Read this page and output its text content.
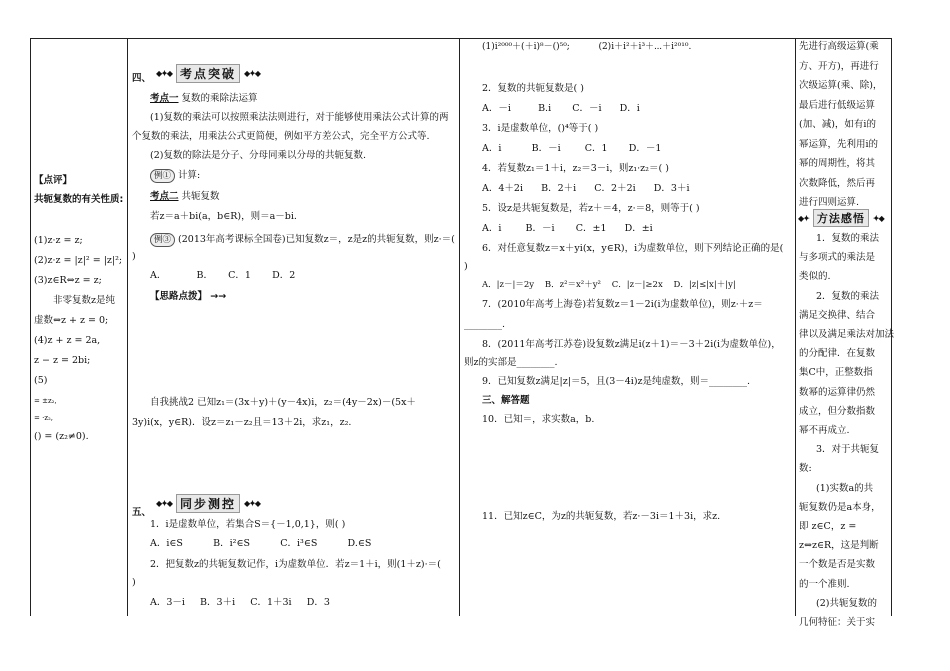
【点评】
共轭复数的有关性质:
(1)z·z = z;
(2)z·z = |z|² = |z|²;
(3)z∈R⇔z = z;
非零复数z是纯
虚数⇔z + z = 0;
(4)z + z = 2a,
z − z = 2bi;
(5)
= ±z₂,
= ·z₂,
() = (z₂≠0).
四、 ◆✦◆ 考点突破	◆✦◆
考点一 复数的乘除法运算
(1)复数的乘法可以按照乘法法则进行，对于能够使用乘法公式计算的两
个复数的乘法，用乘法公式更简便，例如平方差公式，完全平方公式等.
(2)复数的除法是分子、分母同乘以分母的共轭复数.
例① 计算:
考点二 共轭复数
若z＝a＋bi(a，b∈R)，则＝a－bi.
例③ (2013年高考课标全国卷)已知复数z＝，z是z的共轭复数，则z·＝(
)
A．          B．     C．1       D．2
【思路点拨】 →→
自我挑战2 已知z₁＝(3x＋y)＋(y－4x)i，z₂＝(4y－2x)－(5x＋
3y)i(x，y∈R)．设z＝z₁－z₂且＝13＋2i，求z₁，z₂.
五、
◆✦◆ 同步测控	◆✦◆
1．i是虚数单位，若集合S＝{－1,0,1}，则( )
A．i∈S          B．i²∈S          C．i³∈S          D.∈S
2．把复数z的共轭复数记作，i为虚数单位．若z＝1＋i，则(1＋z)·＝(
)
A．3－i     B．3＋i     C．1＋3i     D．3
(1)i²⁰⁰⁰＋(＋i)⁸－()⁵⁰;          (2)i＋i²＋i³＋⋯＋i²⁰¹⁰.
2．复数的共轭复数是( )
A．－i         B.i       C．－i      D．i
3．i是虚数单位，()⁴等于( )
A．i          B．－i        C．1       D．－1
4．若复数z₁＝1＋i，z₂＝3－i，则z₁·z₂＝( )
A．4＋2i      B．2＋i      C．2＋2i      D．3＋i
5．设z是共轭复数是，若z＋＝4，z·＝8，则等于( )
A．i        B．－i       C．±1      D．±i
6．对任意复数z＝x＋yi(x，y∈R)，i为虚数单位，则下列结论正确的是(
)
A．|z－|＝2y    B．z²＝x²＋y²    C．|z－|≥2x    D．|z|≤|x|＋|y|
7．(2010年高考上海卷)若复数z＝1－2i(i为虚数单位)，则z·＋z＝
________.
8．(2011年高考江苏卷)设复数z满足i(z＋1)＝－3＋2i(i为虚数单位)，
则z的实部是________.
9．已知复数z满足|z|＝5，且(3－4i)z是纯虚数，则＝________.
三、解答题
10．已知＝，求实数a，b.
11．已知z∈C，为z的共轭复数，若z·－3i＝1＋3i，求z.
先进行高级运算(乘
方、开方)，再进行
次级运算(乘、除)，
最后进行低级运算
(加、减)，如有i的
幂运算，先利用i的
幂的周期性，将其
次数降低，然后再
进行四则运算.
◆✦ 方法感悟	✦◆
1．复数的乘法
与多项式的乘法是
类似的.
2．复数的乘法
满足交换律、结合
律以及满足乘法对加法
的分配律．在复数
集C中，正整数指
数幂的运算律仍然
成立，但分数指数
幂不再成立.
3．对于共轭复
数:
(1)实数a的共
轭复数仍是a本身，
即 z∈C，z =
z⇔z∈R，这是判断
一个数是否是实数
的一个准则.
(2)共轭复数的
几何特征：关于实
